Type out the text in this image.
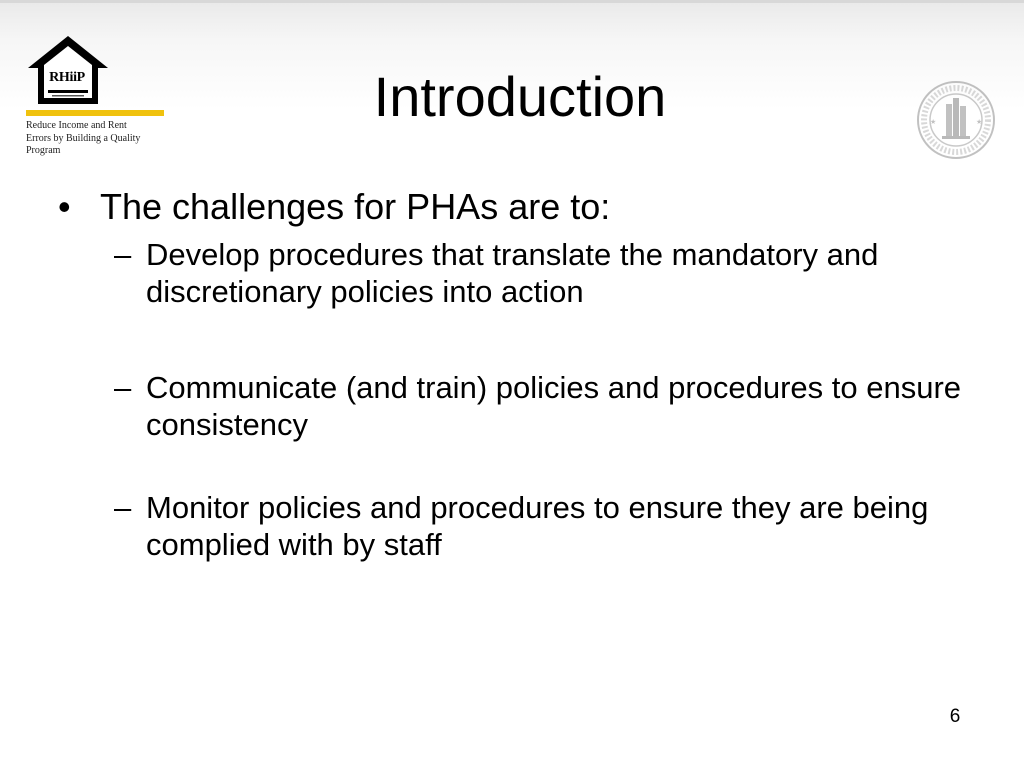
RHiiP
Reduce Income and Rent
Errors by Building a Quality
Program
★	★
Introduction
• The challenges for PHAs are to:
– Develop procedures that translate the mandatory and discretionary policies into action
– Communicate (and train) policies and procedures to ensure consistency
– Monitor policies and procedures to ensure they are being complied with by staff
6
